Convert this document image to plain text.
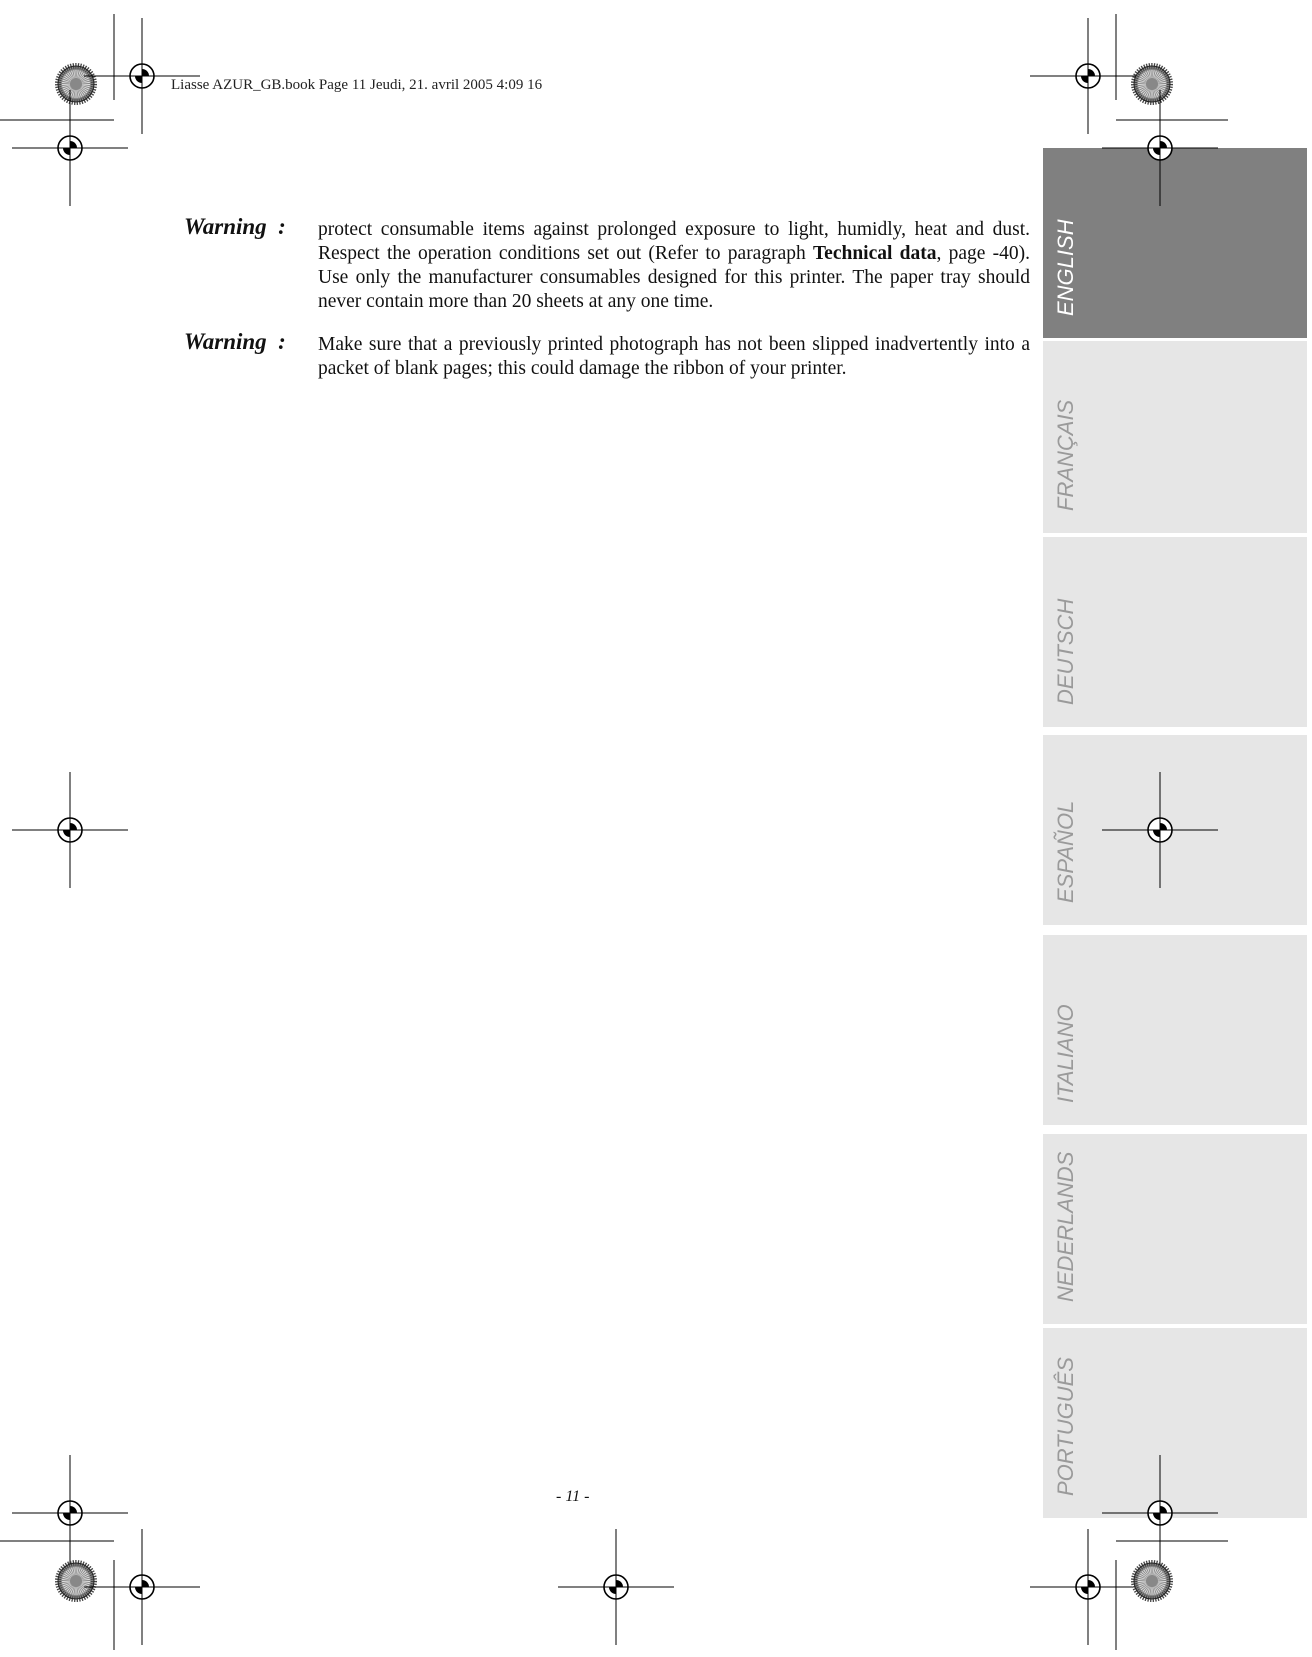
ENGLISH
FRANÇAIS
DEUTSCH
ESPAÑOL
ITALIANO
NEDERLANDS
PORTUGUÊS
Liasse AZUR_GB.book Page 11 Jeudi, 21. avril 2005 4:09 16
Warning  : protect consumable items against prolonged exposure to light, humidly, heat and dust. Respect the operation conditions set out (Refer to paragraph Technical data, page -40). Use only the manufacturer consumables designed for this printer. The paper tray should never contain more than 20 sheets at any one time.
Warning  : Make sure that a previously printed photograph has not been slipped inadvertently into a packet of blank pages; this could damage the ribbon of your printer.
- 11 -
